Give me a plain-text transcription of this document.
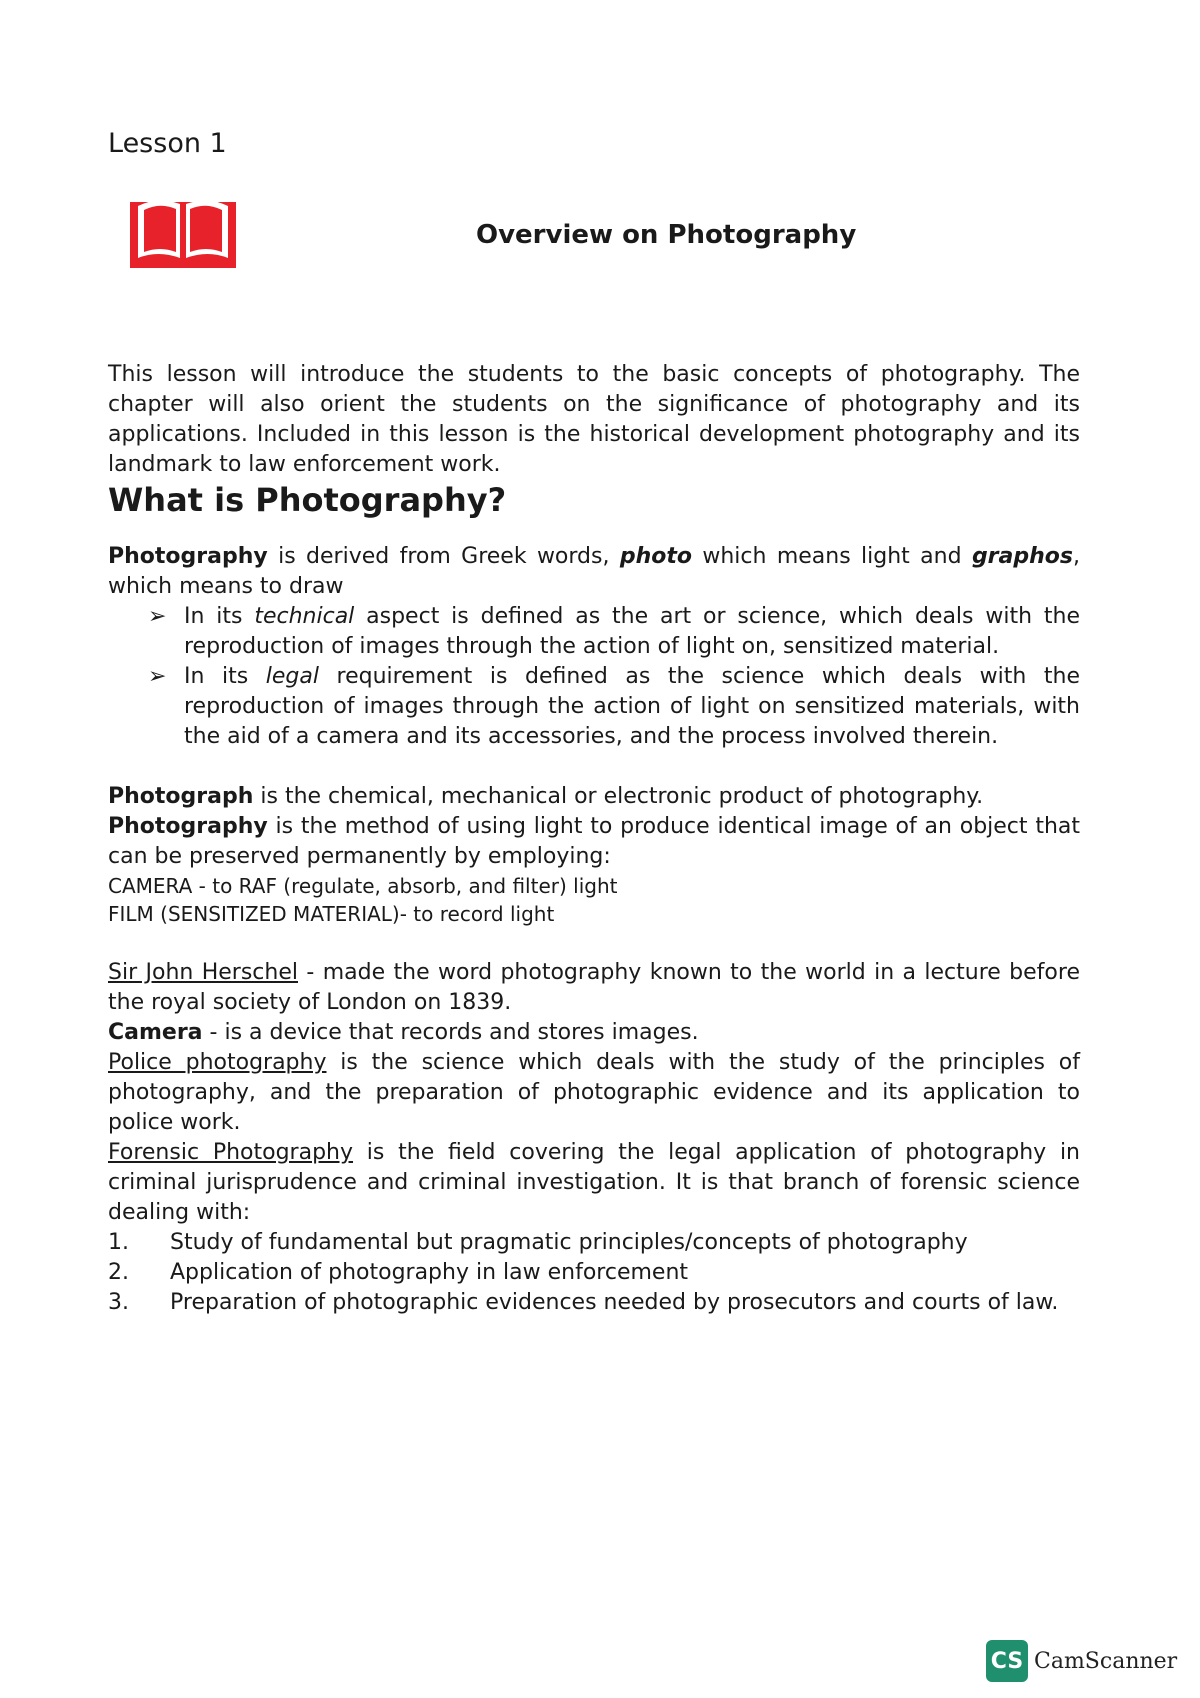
Lesson 1
Overview on Photography

This lesson will introduce the students to the basic concepts of photography. The chapter will also orient the students on the significance of photography and its applications. Included in this lesson is the historical development photography and its landmark to law enforcement work.

What is Photography?

Photography is derived from Greek words, photo which means light and graphos, which means to draw

➢ In its technical aspect is defined as the art or science, which deals with the reproduction of images through the action of light on, sensitized material.
➢ In its legal requirement is defined as the science which deals with the reproduction of images through the action of light on sensitized materials, with the aid of a camera and its accessories, and the process involved therein.

Photograph is the chemical, mechanical or electronic product of photography.

Photography is the method of using light to produce identical image of an object that can be preserved permanently by employing:

CAMERA - to RAF (regulate, absorb, and filter) light

FILM (SENSITIZED MATERIAL)- to record light

Sir John Herschel - made the word photography known to the world in a lecture before the royal society of London on 1839.

Camera - is a device that records and stores images.

Police photography is the science which deals with the study of the principles of photography, and the preparation of photographic evidence and its application to police work.

Forensic Photography is the field covering the legal application of photography in criminal jurisprudence and criminal investigation. It is that branch of forensic science dealing with:

1. Study of fundamental but pragmatic principles/concepts of photography
2. Application of photography in law enforcement
3. Preparation of photographic evidences needed by prosecutors and courts of law.
CS CamScanner
